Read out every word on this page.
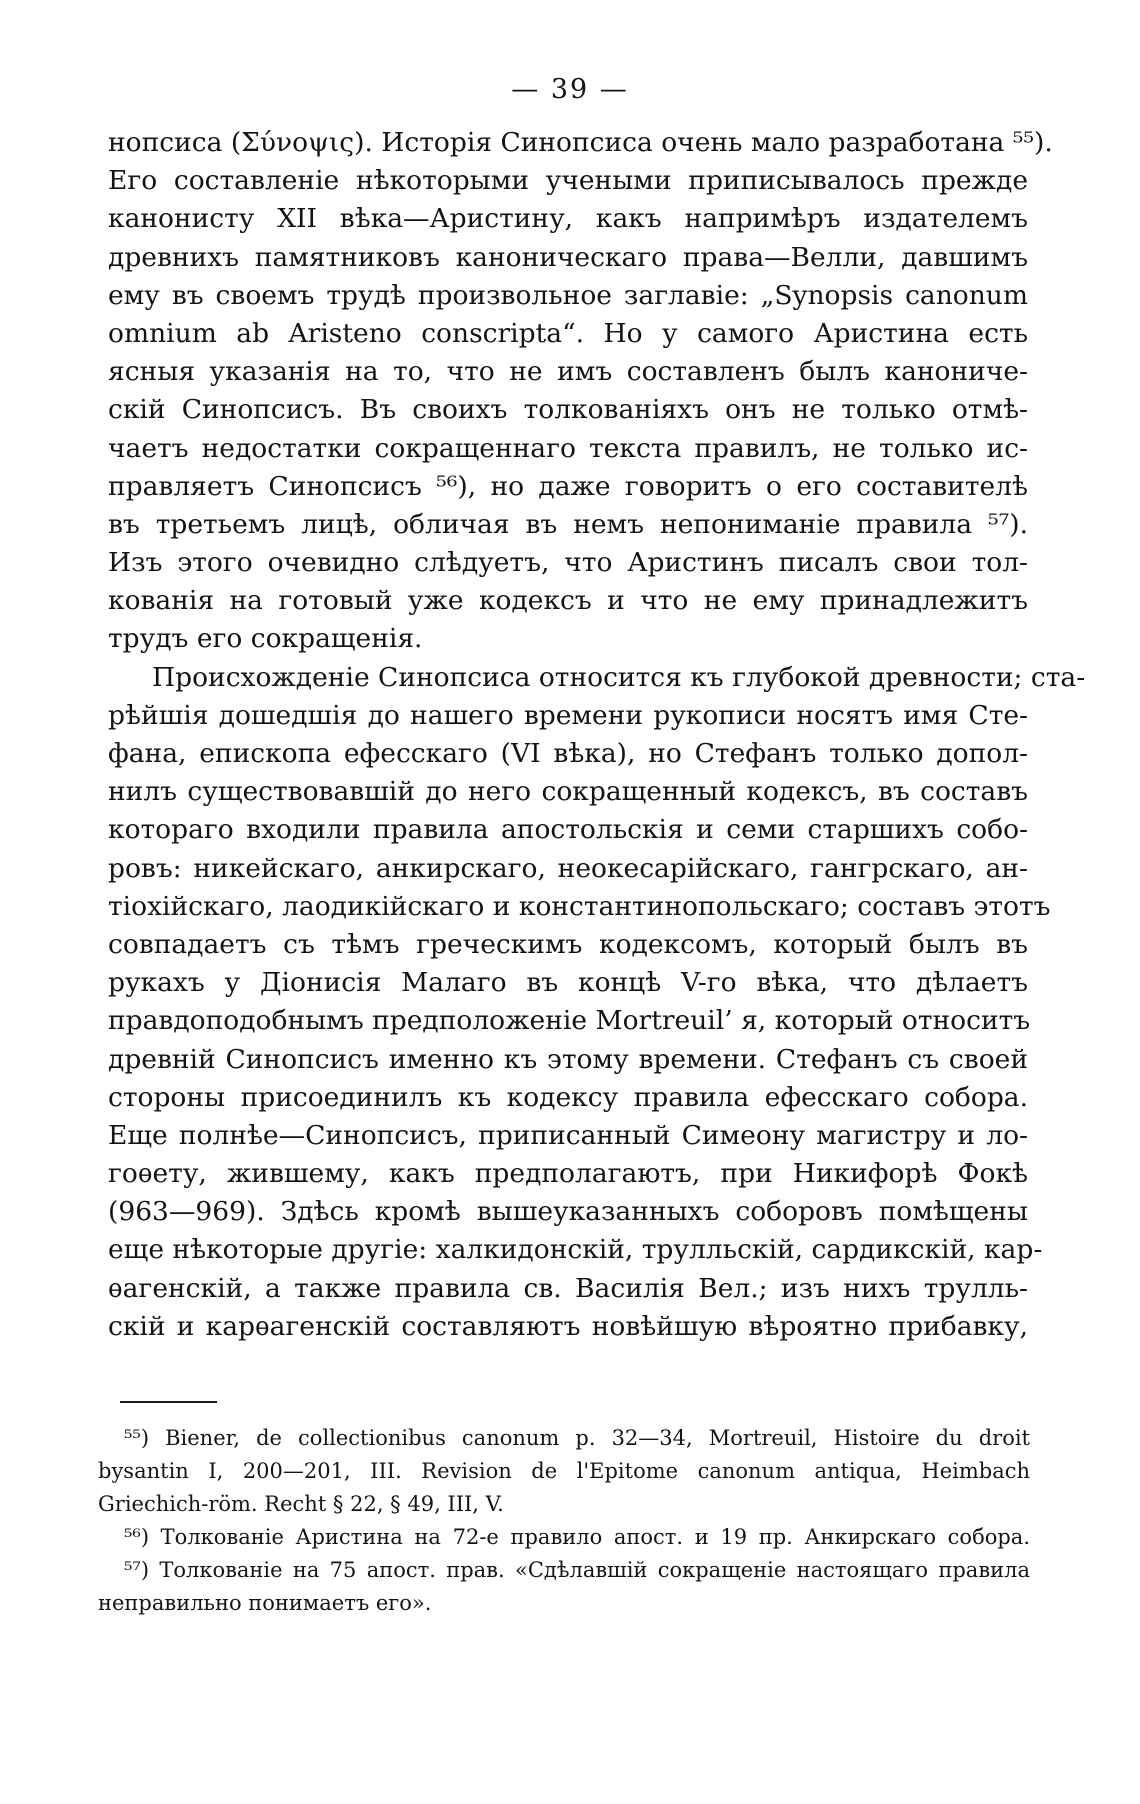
— 39 —
нопсиса (Σύνοψις). Исторія Синопсиса очень мало разработана ⁵⁵).
Его составленіе нѣкоторыми учеными приписывалось прежде
канонисту XII вѣка—Аристину, какъ напримѣръ издателемъ
древнихъ памятниковъ каноническаго права—Велли, давшимъ
ему въ своемъ трудѣ произвольное заглавіе: „Synopsis canonum
omnium ab Aristeno conscripta“. Но у самого Аристина есть
ясныя указанія на то, что не имъ составленъ былъ канониче-
скій Синопсисъ. Въ своихъ толкованіяхъ онъ не только отмѣ-
чаетъ недостатки сокращеннаго текста правилъ, не только ис-
правляетъ Синопсисъ ⁵⁶), но даже говоритъ о его составителѣ
въ третьемъ лицѣ, обличая въ немъ непониманіе правила ⁵⁷).
Изъ этого очевидно слѣдуетъ, что Аристинъ писалъ свои тол-
кованія на готовый уже кодексъ и что не ему принадлежитъ
трудъ его сокращенія.
Происхожденіе Синопсиса относится къ глубокой древности; ста-
рѣйшія дошедшія до нашего времени рукописи носятъ имя Сте-
фана, епископа ефесскаго (VI вѣка), но Стефанъ только допол-
нилъ существовавшій до него сокращенный кодексъ, въ составъ
котораго входили правила апостольскія и семи старшихъ собо-
ровъ: никейскаго, анкирскаго, неокесарійскаго, гангрскаго, ан-
тіохійскаго, лаодикійскаго и константинопольскаго; составъ этотъ
совпадаетъ съ тѣмъ греческимъ кодексомъ, который былъ въ
рукахъ у Діонисія Малаго въ концѣ V-го вѣка, что дѣлаетъ
правдоподобнымъ предположеніе Mortreuil’ я, который относитъ
древній Синопсисъ именно къ этому времени. Стефанъ съ своей
стороны присоединилъ къ кодексу правила ефесскаго собора.
Еще полнѣе—Синопсисъ, приписанный Симеону магистру и ло-
гоѳету, жившему, какъ предполагаютъ, при Никифорѣ Фокѣ
(963—969). Здѣсь кромѣ вышеуказанныхъ соборовъ помѣщены
еще нѣкоторые другіе: халкидонскій, трулльскій, сардикскій, кар-
ѳагенскій, а также правила св. Василія Вел.; изъ нихъ трулль-
скій и карѳагенскій составляютъ новѣйшую вѣроятно прибавку,
⁵⁵) Biener, de collectionibus canonum p. 32—34, Mortreuil, Histoire du droit
bysantin I, 200—201, III. Revision de l'Epitome canonum antiqua, Heimbach
Griechich-röm. Recht § 22, § 49, III, V.
⁵⁶) Толкованіе Аристина на 72-е правило апост. и 19 пр. Анкирскаго собора.
⁵⁷) Толкованіе на 75 апост. прав. «Сдѣлавшій сокращеніе настоящаго правила
неправильно понимаетъ его».
